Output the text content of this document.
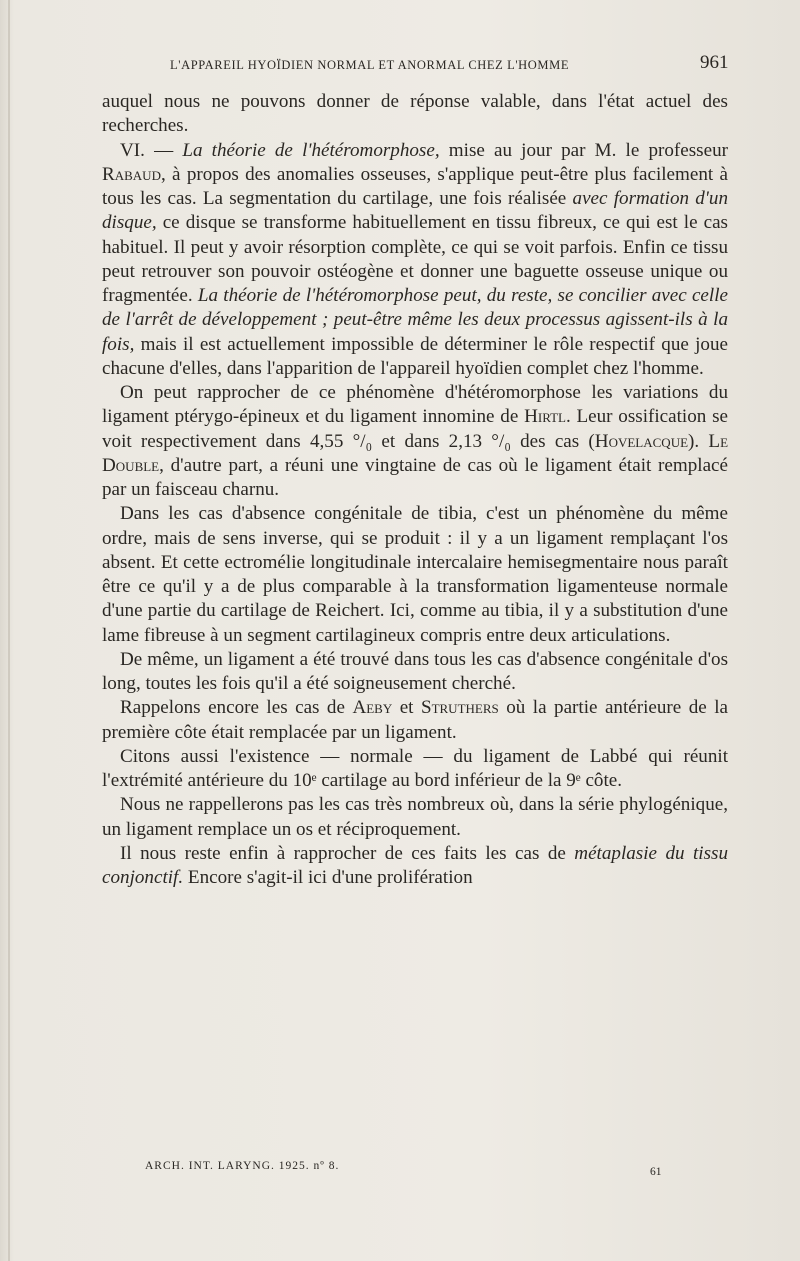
L'APPAREIL HYOÏDIEN NORMAL ET ANORMAL CHEZ L'HOMME	961

auquel nous ne pouvons donner de réponse valable, dans l'état actuel des recherches.

VI. — La théorie de l'hétéromorphose, mise au jour par M. le professeur Rabaud, à propos des anomalies osseuses, s'applique peut-être plus facilement à tous les cas. La segmentation du cartilage, une fois réalisée avec formation d'un disque, ce disque se transforme habituellement en tissu fibreux, ce qui est le cas habituel. Il peut y avoir résorption complète, ce qui se voit parfois. Enfin ce tissu peut retrouver son pouvoir ostéogène et donner une baguette osseuse unique ou fragmentée. La théorie de l'hétéromorphose peut, du reste, se concilier avec celle de l'arrêt de développement ; peut-être même les deux processus agissent-ils à la fois, mais il est actuellement impossible de déterminer le rôle respectif que joue chacune d'elles, dans l'apparition de l'appareil hyoïdien complet chez l'homme.

On peut rapprocher de ce phénomène d'hétéromorphose les variations du ligament ptérygo-épineux et du ligament innomine de Hirtl. Leur ossification se voit respectivement dans 4,55 °/₀ et dans 2,13 °/₀ des cas (Hovelacque). Le Double, d'autre part, a réuni une vingtaine de cas où le ligament était remplacé par un faisceau charnu.

Dans les cas d'absence congénitale de tibia, c'est un phénomène du même ordre, mais de sens inverse, qui se produit : il y a un ligament remplaçant l'os absent. Et cette ectromélie longitudinale intercalaire hemisegmentaire nous paraît être ce qu'il y a de plus comparable à la transformation ligamenteuse normale d'une partie du cartilage de Reichert. Ici, comme au tibia, il y a substitution d'une lame fibreuse à un segment cartilagineux compris entre deux articulations.

De même, un ligament a été trouvé dans tous les cas d'absence congénitale d'os long, toutes les fois qu'il a été soigneusement cherché.

Rappelons encore les cas de Aeby et Struthers où la partie antérieure de la première côte était remplacée par un ligament.

Citons aussi l'existence — normale — du ligament de Labbé qui réunit l'extrémité antérieure du 10ᵉ cartilage au bord inférieur de la 9ᵉ côte.

Nous ne rappellerons pas les cas très nombreux où, dans la série phylogénique, un ligament remplace un os et réciproquement.

Il nous reste enfin à rapprocher de ces faits les cas de métaplasie du tissu conjonctif. Encore s'agit-il ici d'une prolifération

ARCH. INT. LARYNG. 1925. nº 8.	61
